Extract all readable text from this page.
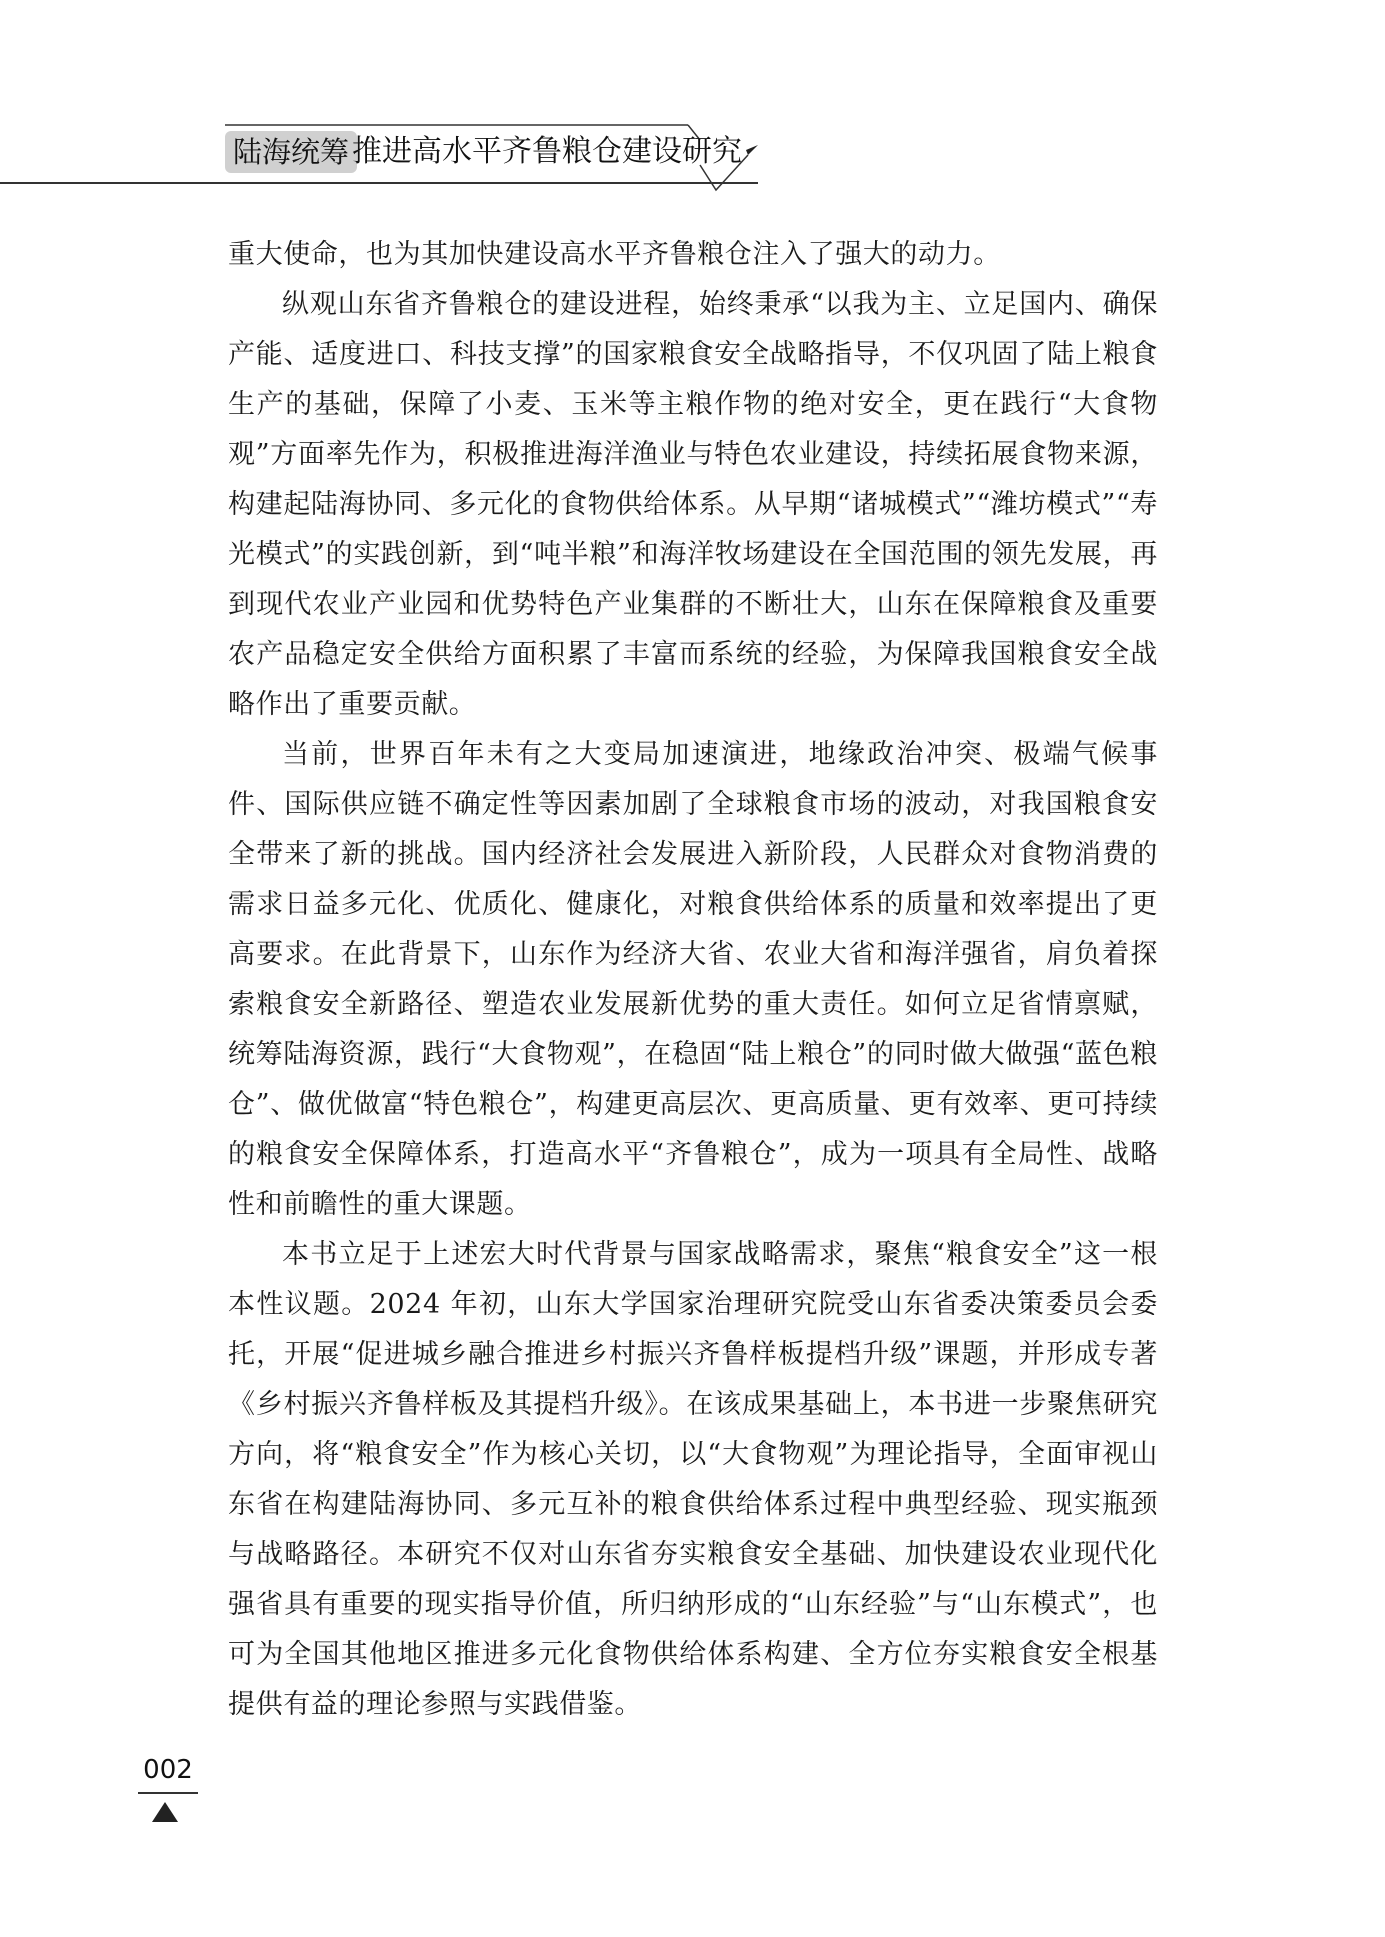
陆海统筹 推进高水平齐鲁粮仓建设研究

重大使命，也为其加快建设高水平齐鲁粮仓注入了强大的动力。

纵观山东省齐鲁粮仓的建设进程，始终秉承“以我为主、立足国内、确保产能、适度进口、科技支撑”的国家粮食安全战略指导，不仅巩固了陆上粮食生产的基础，保障了小麦、玉米等主粮作物的绝对安全，更在践行“大食物观”方面率先作为，积极推进海洋渔业与特色农业建设，持续拓展食物来源，构建起陆海协同、多元化的食物供给体系。从早期“诸城模式”“潍坊模式”“寿光模式”的实践创新，到“吨半粮”和海洋牧场建设在全国范围的领先发展，再到现代农业产业园和优势特色产业集群的不断壮大，山东在保障粮食及重要农产品稳定安全供给方面积累了丰富而系统的经验，为保障我国粮食安全战略作出了重要贡献。

当前，世界百年未有之大变局加速演进，地缘政治冲突、极端气候事件、国际供应链不确定性等因素加剧了全球粮食市场的波动，对我国粮食安全带来了新的挑战。国内经济社会发展进入新阶段，人民群众对食物消费的需求日益多元化、优质化、健康化，对粮食供给体系的质量和效率提出了更高要求。在此背景下，山东作为经济大省、农业大省和海洋强省，肩负着探索粮食安全新路径、塑造农业发展新优势的重大责任。如何立足省情禀赋，统筹陆海资源，践行“大食物观”，在稳固“陆上粮仓”的同时做大做强“蓝色粮仓”、做优做富“特色粮仓”，构建更高层次、更高质量、更有效率、更可持续的粮食安全保障体系，打造高水平“齐鲁粮仓”，成为一项具有全局性、战略性和前瞻性的重大课题。

本书立足于上述宏大时代背景与国家战略需求，聚焦“粮食安全”这一根本性议题。2024 年初，山东大学国家治理研究院受山东省委决策委员会委托，开展“促进城乡融合推进乡村振兴齐鲁样板提档升级”课题，并形成专著《乡村振兴齐鲁样板及其提档升级》。在该成果基础上，本书进一步聚焦研究方向，将“粮食安全”作为核心关切，以“大食物观”为理论指导，全面审视山东省在构建陆海协同、多元互补的粮食供给体系过程中典型经验、现实瓶颈与战略路径。本研究不仅对山东省夯实粮食安全基础、加快建设农业现代化强省具有重要的现实指导价值，所归纳形成的“山东经验”与“山东模式”，也可为全国其他地区推进多元化食物供给体系构建、全方位夯实粮食安全根基提供有益的理论参照与实践借鉴。

002
